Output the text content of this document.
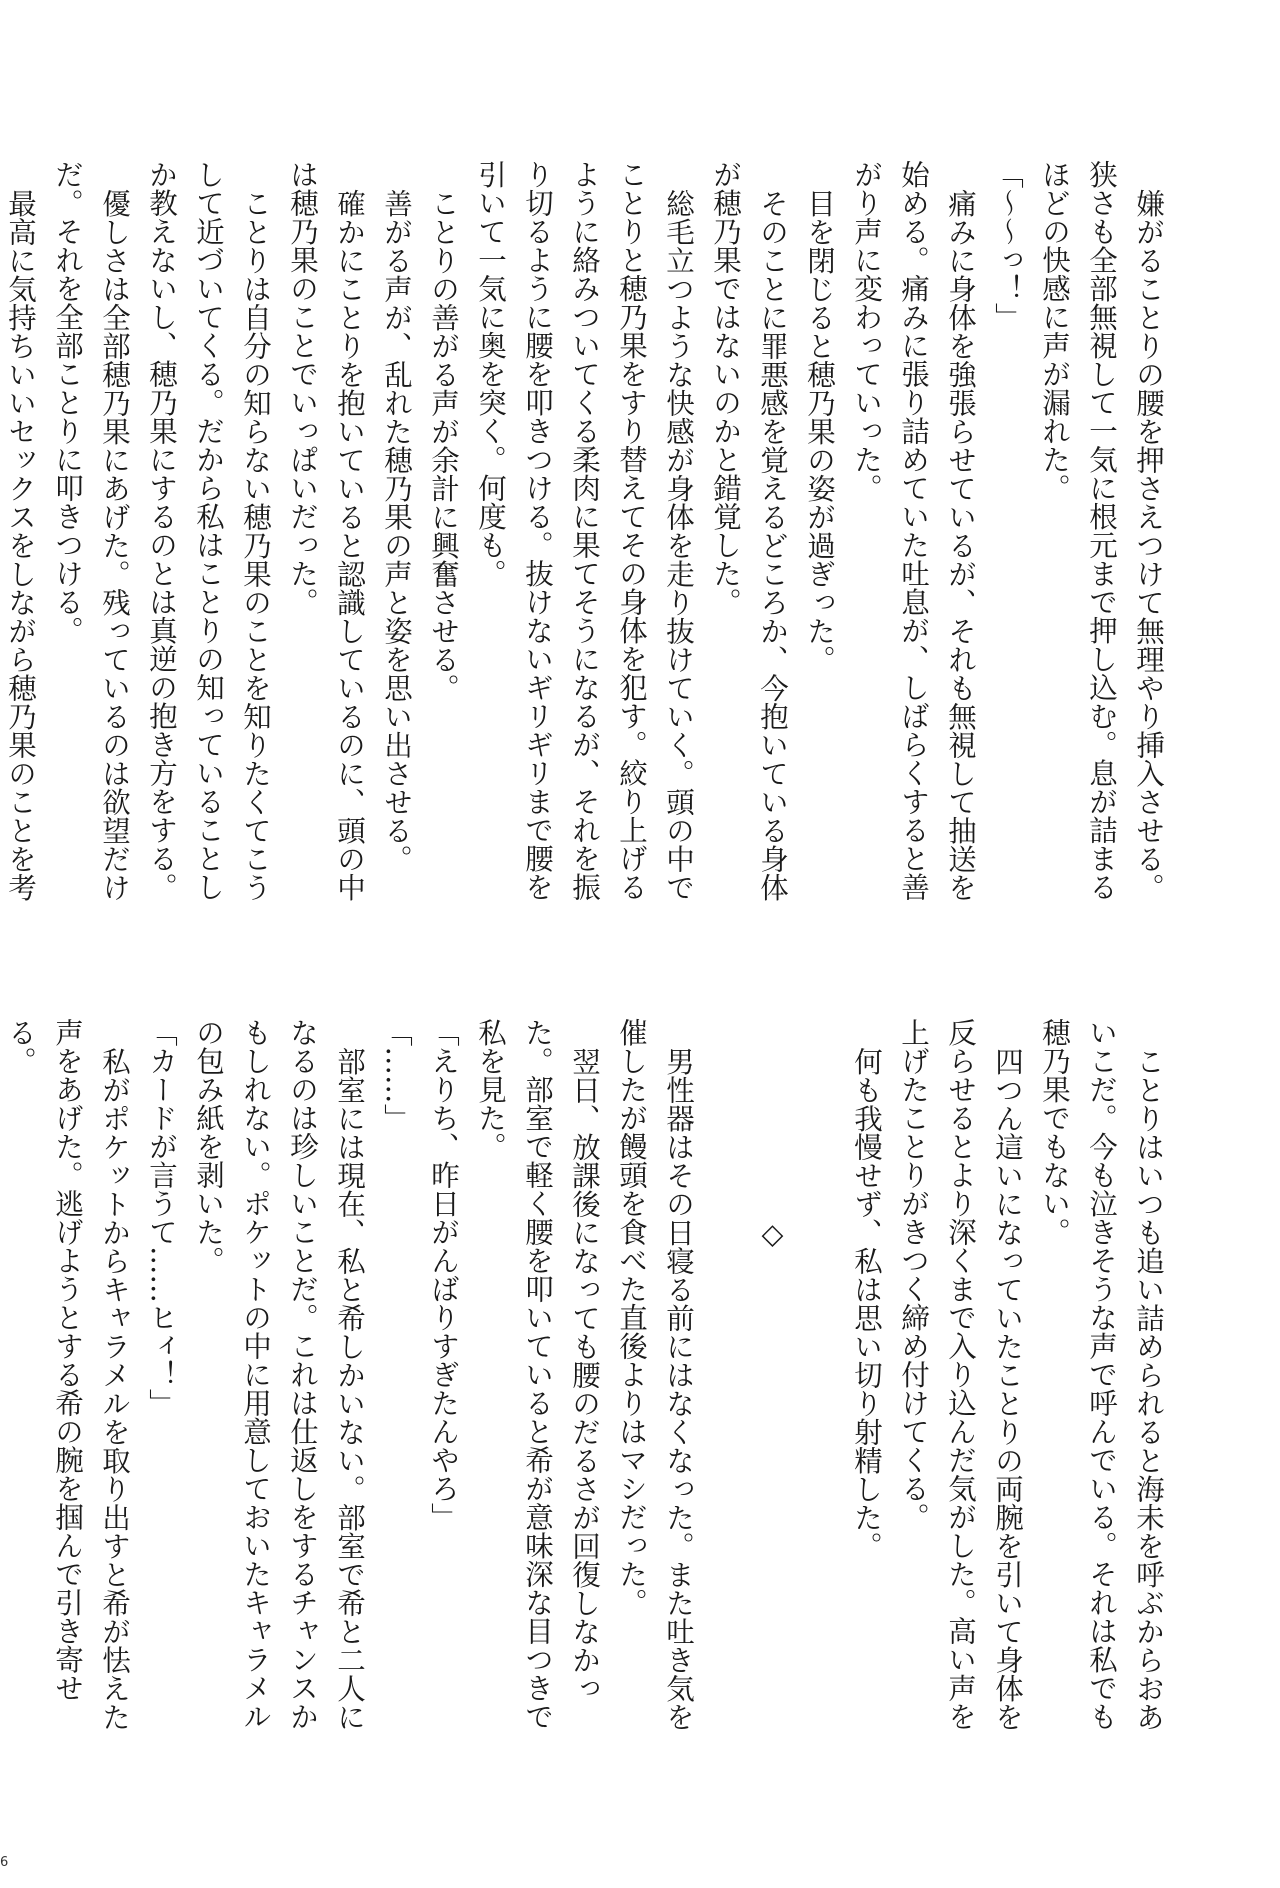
嫌がることりの腰を押さえつけて無理やり挿入させる。狭さも全部無視して一気に根元まで押し込む。息が詰まるほどの快感に声が漏れた。
「〜〜っ！」
痛みに身体を強張らせているが、それも無視して抽送を始める。痛みに張り詰めていた吐息が、しばらくすると善がり声に変わっていった。
目を閉じると穂乃果の姿が過ぎった。
そのことに罪悪感を覚えるどころか、今抱いている身体が穂乃果ではないのかと錯覚した。
総毛立つような快感が身体を走り抜けていく。頭の中でことりと穂乃果をすり替えてその身体を犯す。絞り上げるように絡みついてくる柔肉に果てそうになるが、それを振り切るように腰を叩きつける。抜けないギリギリまで腰を引いて一気に奥を突く。何度も。
ことりの善がる声が余計に興奮させる。
善がる声が、乱れた穂乃果の声と姿を思い出させる。
確かにことりを抱いていると認識しているのに、頭の中は穂乃果のことでいっぱいだった。
ことりは自分の知らない穂乃果のことを知りたくてこうして近づいてくる。だから私はことりの知っていることしか教えないし、穂乃果にするのとは真逆の抱き方をする。
優しさは全部穂乃果にあげた。残っているのは欲望だけだ。それを全部ことりに叩きつける。
最高に気持ちいいセックスをしながら穂乃果のことを考
ことりはいつも追い詰められると海未を呼ぶからおあいこだ。今も泣きそうな声で呼んでいる。それは私でも穂乃果でもない。
四つん這いになっていたことりの両腕を引いて身体を反らせるとより深くまで入り込んだ気がした。高い声を上げたことりがきつく締め付けてくる。
何も我慢せず、私は思い切り射精した。

　　　　　　　◇

男性器はその日寝る前にはなくなった。また吐き気を催したが饅頭を食べた直後よりはマシだった。
翌日、放課後になっても腰のだるさが回復しなかった。部室で軽く腰を叩いていると希が意味深な目つきで私を見た。
「えりち、昨日がんばりすぎたんやろ」
「……」
部室には現在、私と希しかいない。部室で希と二人になるのは珍しいことだ。これは仕返しをするチャンスかもしれない。ポケットの中に用意しておいたキャラメルの包み紙を剥いた。
「カードが言うて……ヒィ！」
私がポケットからキャラメルを取り出すと希が怯えた声をあげた。逃げようとする希の腕を掴んで引き寄せる。
6
